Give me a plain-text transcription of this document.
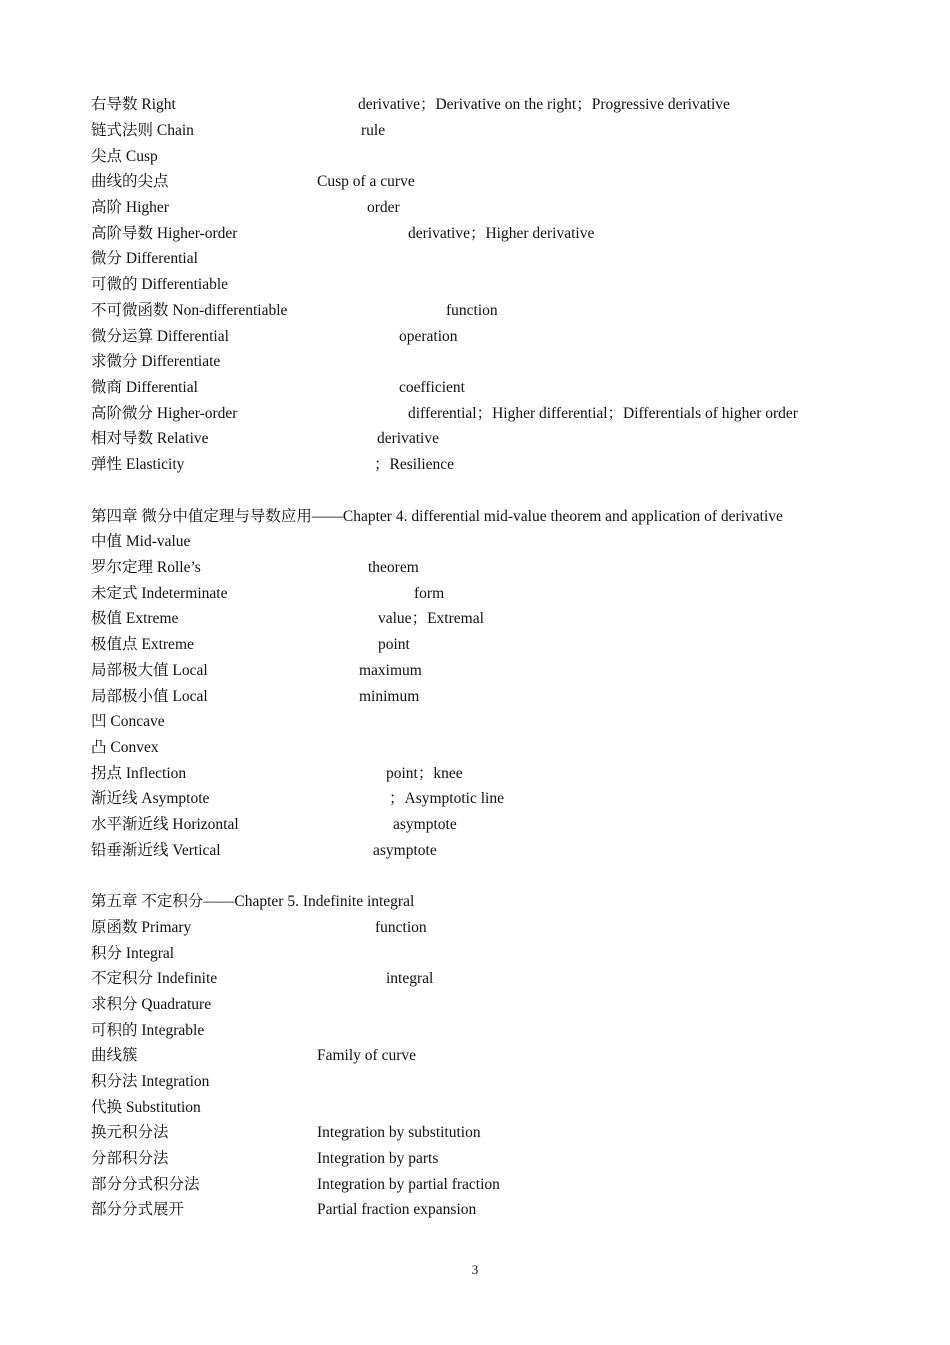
右导数 Right	derivative；Derivative on the right；Progressive derivative
链式法则 Chain	rule
尖点 Cusp
曲线的尖点	Cusp of a curve
高阶 Higher	order
高阶导数 Higher-order	derivative；Higher derivative
微分 Differential
可微的 Differentiable
不可微函数 Non-differentiable	function
微分运算 Differential	operation
求微分 Differentiate
微商 Differential	coefficient
高阶微分 Higher-order	differential；Higher differential；Differentials of higher order
相对导数 Relative	derivative
弹性 Elasticity	；Resilience
第四章 微分中值定理与导数应用——Chapter 4. differential mid-value theorem and application of derivative
中值 Mid-value
罗尔定理 Rolle’s	theorem
未定式 Indeterminate	form
极值 Extreme	value；Extremal
极值点 Extreme	point
局部极大值 Local	maximum
局部极小值 Local	minimum
凹 Concave
凸 Convex
拐点 Inflection	point；knee
渐近线 Asymptote	；Asymptotic line
水平渐近线 Horizontal	asymptote
铅垂渐近线 Vertical	asymptote
第五章 不定积分——Chapter 5. Indefinite integral
原函数 Primary	function
积分 Integral
不定积分 Indefinite	integral
求积分 Quadrature
可积的 Integrable
曲线簇	Family of curve
积分法 Integration
代换 Substitution
换元积分法	Integration by substitution
分部积分法	Integration by parts
部分分式积分法	Integration by partial fraction
部分分式展开	Partial fraction expansion
3
